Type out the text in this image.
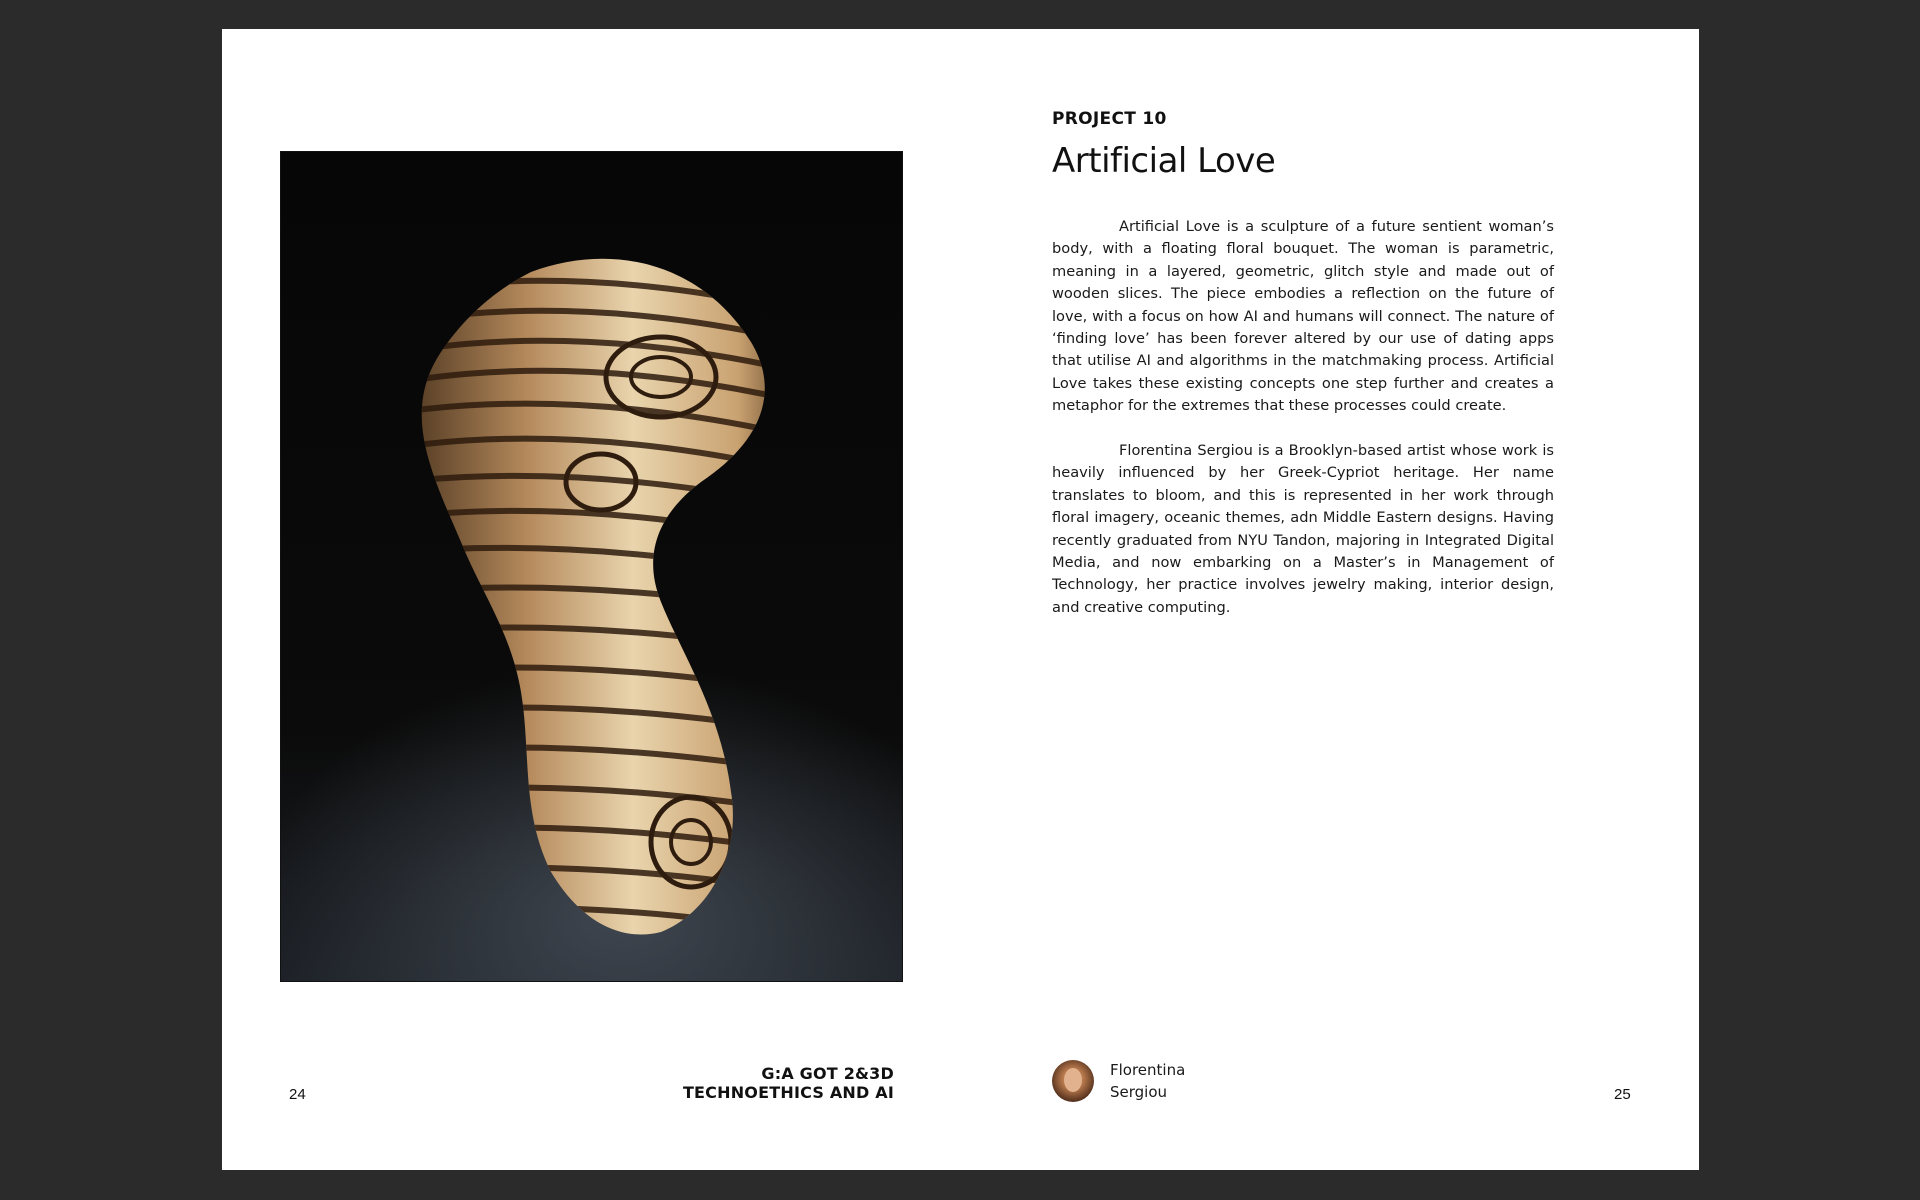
24
G:A GOT 2&3D
TECHNOETHICS AND AI
PROJECT 10
Artificial Love

Artificial Love is a sculpture of a future sentient woman’s body, with a floating floral bouquet. The woman is parametric, meaning in a layered, geometric, glitch style and made out of wooden slices. The piece embodies a reflection on the future of love, with a focus on how AI and humans will connect. The nature of ‘finding love’ has been forever altered by our use of dating apps that utilise AI and algorithms in the matchmaking process. Artificial Love takes these existing concepts one step further and creates a metaphor for the extremes that these processes could create.

Florentina Sergiou is a Brooklyn-based artist whose work is heavily influenced by her Greek-Cypriot heritage. Her name translates to bloom, and this is represented in her work through floral imagery, oceanic themes, adn Middle Eastern designs. Having recently graduated from NYU Tandon, majoring in Integrated Digital Media, and now embarking on a Master’s in Management of Technology, her practice involves jewelry making, interior design, and creative computing.

Florentina
Sergiou	25
